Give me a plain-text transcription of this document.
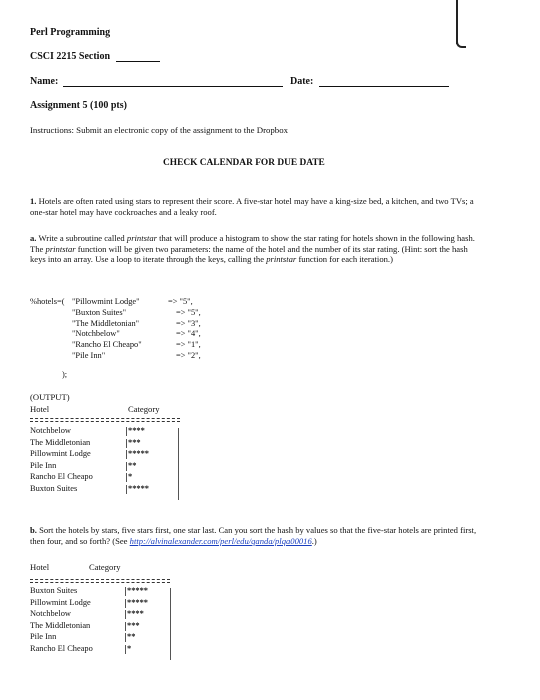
Perl Programming
CSCI 2215 Section
Name:	Date:
Assignment 5 (100 pts)
Instructions: Submit an electronic copy of the assignment to the Dropbox
CHECK CALENDAR FOR DUE DATE
1. Hotels are often rated using stars to represent their score. A five-star hotel may have a king-size bed, a kitchen, and two TVs; a one-star hotel may have cockroaches and a leaky roof.
a. Write a subroutine called printstar that will produce a histogram to show the star rating for hotels shown in the following hash. The printstar function will be given two parameters: the name of the hotel and the number of its star rating. (Hint: sort the hash keys into an array. Use a loop to iterate through the keys, calling the printstar function for each iteration.)
%hotels=( "Pillowmint Lodge"	=> "5",
"Buxton Suites"	=> "5",
"The Middletonian"	=> "3",
"Notchbelow"	=> "4",
"Rancho El Cheapo"	=> "1",
"Pile Inn"	=> "2",
);
(OUTPUT)
Hotel	Category
Notchbelow	****
The Middletonian	***
Pillowmint Lodge	*****
Pile Inn	**
Rancho El Cheapo	*
Buxton Suites	*****
b. Sort the hotels by stars, five stars first, one star last. Can you sort the hash by values so that the five-star hotels are printed first, then four, and so forth? (See http://alvinalexander.com/perl/edu/qanda/plqa00016.)
Hotel	Category
Buxton Suites	*****
Pillowmint Lodge	*****
Notchbelow	****
The Middletonian	***
Pile Inn	**
Rancho El Cheapo	*
